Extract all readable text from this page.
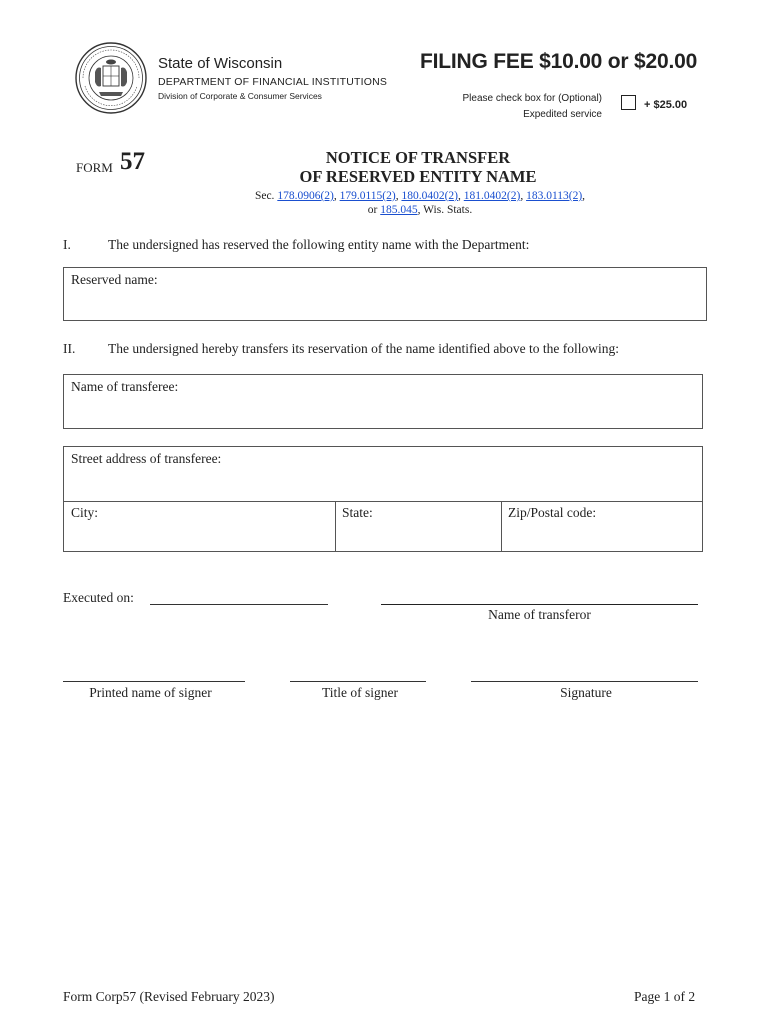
State of Wisconsin
DEPARTMENT OF FINANCIAL INSTITUTIONS
Division of Corporate & Consumer Services
FILING FEE $10.00 or $20.00
Please check box for (Optional)
Expedited service
+ $25.00
FORM 57	NOTICE OF TRANSFER
OF RESERVED ENTITY NAME
Sec. 178.0906(2), 179.0115(2), 180.0402(2), 181.0402(2), 183.0113(2),
or 185.045, Wis. Stats.
I.	The undersigned has reserved the following entity name with the Department:
Reserved name:
II. The undersigned hereby transfers its reservation of the name identified above to the following:
Name of transferee:
Street address of transferee:
City:	State:	Zip/Postal code:
Executed on:
Name of transferor
Printed name of signer	Title of signer	Signature
Form Corp57 (Revised February 2023)	Page 1 of 2
